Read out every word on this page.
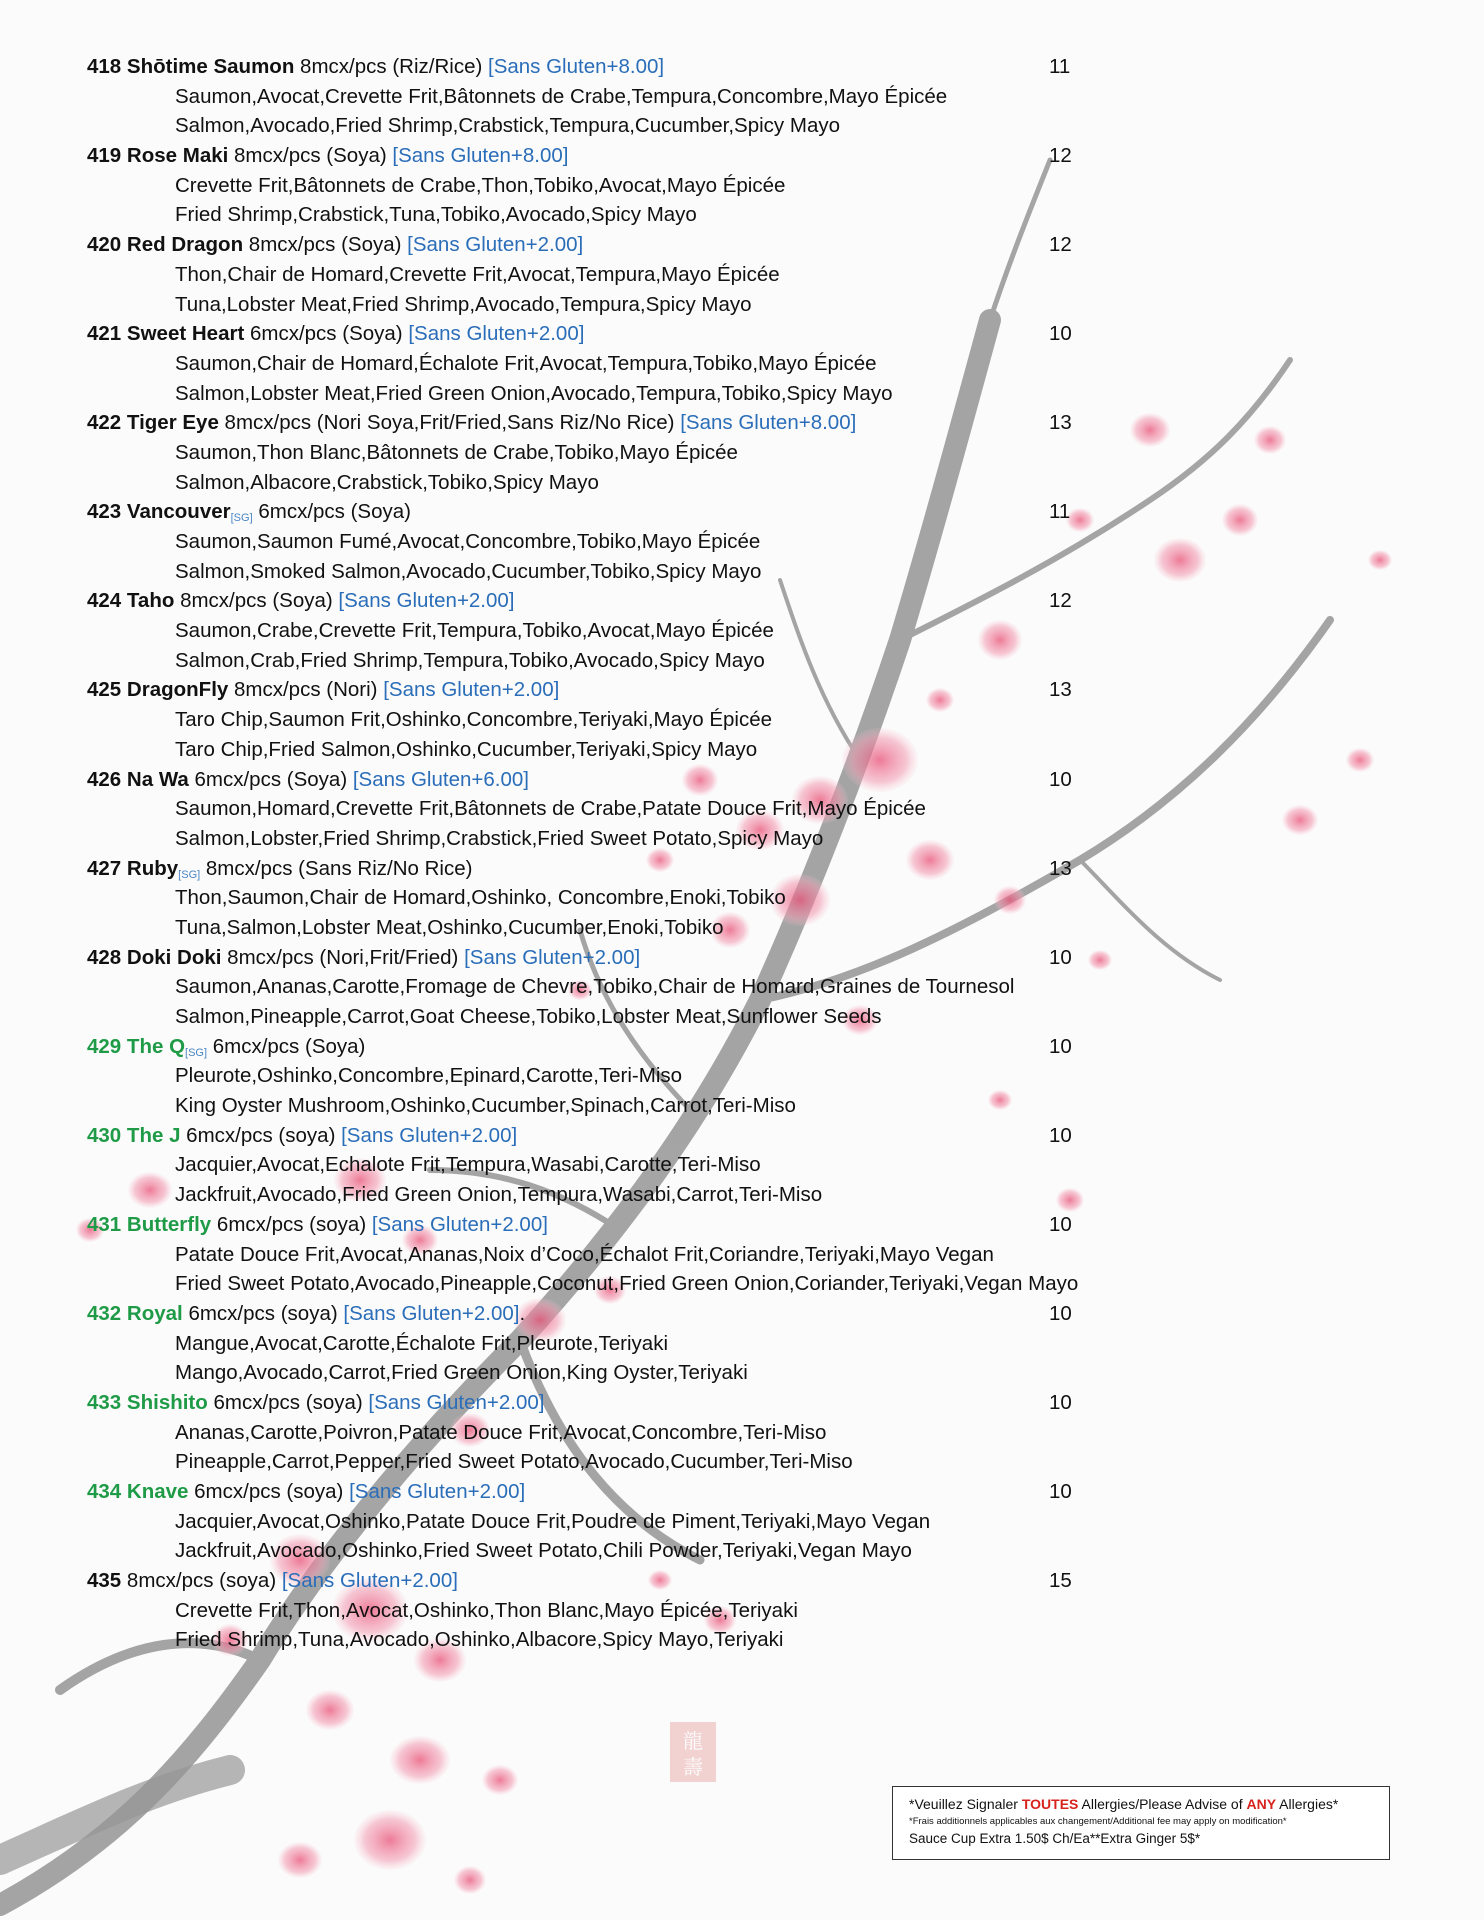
龍
壽
418 Shōtime Saumon 8mcx/pcs (Riz/Rice) [Sans Gluten+8.00]	11
Saumon,Avocat,Crevette Frit,Bâtonnets de Crabe,Tempura,Concombre,Mayo Épicée
Salmon,Avocado,Fried Shrimp,Crabstick,Tempura,Cucumber,Spicy Mayo
419 Rose Maki 8mcx/pcs (Soya) [Sans Gluten+8.00]	12
Crevette Frit,Bâtonnets de Crabe,Thon,Tobiko,Avocat,Mayo Épicée
Fried Shrimp,Crabstick,Tuna,Tobiko,Avocado,Spicy Mayo
420 Red Dragon 8mcx/pcs (Soya) [Sans Gluten+2.00]	12
Thon,Chair de Homard,Crevette Frit,Avocat,Tempura,Mayo Épicée
Tuna,Lobster Meat,Fried Shrimp,Avocado,Tempura,Spicy Mayo
421 Sweet Heart 6mcx/pcs (Soya) [Sans Gluten+2.00]	10
Saumon,Chair de Homard,Échalote Frit,Avocat,Tempura,Tobiko,Mayo Épicée
Salmon,Lobster Meat,Fried Green Onion,Avocado,Tempura,Tobiko,Spicy Mayo
422 Tiger Eye 8mcx/pcs (Nori Soya,Frit/Fried,Sans Riz/No Rice) [Sans Gluten+8.00]	13
Saumon,Thon Blanc,Bâtonnets de Crabe,Tobiko,Mayo Épicée
Salmon,Albacore,Crabstick,Tobiko,Spicy Mayo
423 Vancouver[SG] 6mcx/pcs (Soya)	11
Saumon,Saumon Fumé,Avocat,Concombre,Tobiko,Mayo Épicée
Salmon,Smoked Salmon,Avocado,Cucumber,Tobiko,Spicy Mayo
424 Taho 8mcx/pcs (Soya) [Sans Gluten+2.00]	12
Saumon,Crabe,Crevette Frit,Tempura,Tobiko,Avocat,Mayo Épicée
Salmon,Crab,Fried Shrimp,Tempura,Tobiko,Avocado,Spicy Mayo
425 DragonFly 8mcx/pcs (Nori) [Sans Gluten+2.00]	13
Taro Chip,Saumon Frit,Oshinko,Concombre,Teriyaki,Mayo Épicée
Taro Chip,Fried Salmon,Oshinko,Cucumber,Teriyaki,Spicy Mayo
426 Na Wa 6mcx/pcs (Soya) [Sans Gluten+6.00]	10
Saumon,Homard,Crevette Frit,Bâtonnets de Crabe,Patate Douce Frit,Mayo Épicée
Salmon,Lobster,Fried Shrimp,Crabstick,Fried Sweet Potato,Spicy Mayo
427 Ruby[SG] 8mcx/pcs (Sans Riz/No Rice)	13
Thon,Saumon,Chair de Homard,Oshinko, Concombre,Enoki,Tobiko
Tuna,Salmon,Lobster Meat,Oshinko,Cucumber,Enoki,Tobiko
428 Doki Doki 8mcx/pcs (Nori,Frit/Fried) [Sans Gluten+2.00]	10
Saumon,Ananas,Carotte,Fromage de Chevre,Tobiko,Chair de Homard,Graines de Tournesol
Salmon,Pineapple,Carrot,Goat Cheese,Tobiko,Lobster Meat,Sunflower Seeds
429 The Q[SG] 6mcx/pcs (Soya)	10
Pleurote,Oshinko,Concombre,Epinard,Carotte,Teri-Miso
King Oyster Mushroom,Oshinko,Cucumber,Spinach,Carrot,Teri-Miso
430 The J 6mcx/pcs (soya) [Sans Gluten+2.00]	10
Jacquier,Avocat,Echalote Frit,Tempura,Wasabi,Carotte,Teri-Miso
Jackfruit,Avocado,Fried Green Onion,Tempura,Wasabi,Carrot,Teri-Miso
431 Butterfly 6mcx/pcs (soya) [Sans Gluten+2.00]	10
Patate Douce Frit,Avocat,Ananas,Noix d’Coco,Échalot Frit,Coriandre,Teriyaki,Mayo Vegan
Fried Sweet Potato,Avocado,Pineapple,Coconut,Fried Green Onion,Coriander,Teriyaki,Vegan Mayo
432 Royal 6mcx/pcs (soya) [Sans Gluten+2.00].	10
Mangue,Avocat,Carotte,Échalote Frit,Pleurote,Teriyaki
Mango,Avocado,Carrot,Fried Green Onion,King Oyster,Teriyaki
433 Shishito 6mcx/pcs (soya) [Sans Gluten+2.00]	10
Ananas,Carotte,Poivron,Patate Douce Frit,Avocat,Concombre,Teri-Miso
Pineapple,Carrot,Pepper,Fried Sweet Potato,Avocado,Cucumber,Teri-Miso
434 Knave 6mcx/pcs (soya) [Sans Gluten+2.00]	10
Jacquier,Avocat,Oshinko,Patate Douce Frit,Poudre de Piment,Teriyaki,Mayo Vegan
Jackfruit,Avocado,Oshinko,Fried Sweet Potato,Chili Powder,Teriyaki,Vegan Mayo
435 8mcx/pcs (soya) [Sans Gluten+2.00]	15
Crevette Frit,Thon,Avocat,Oshinko,Thon Blanc,Mayo Épicée,Teriyaki
Fried Shrimp,Tuna,Avocado,Oshinko,Albacore,Spicy Mayo,Teriyaki
*Veuillez Signaler TOUTES Allergies/Please Advise of ANY Allergies*
*Frais additionnels applicables aux changement/Additional fee may apply on modification*
Sauce Cup Extra 1.50$ Ch/Ea**Extra Ginger 5$*
